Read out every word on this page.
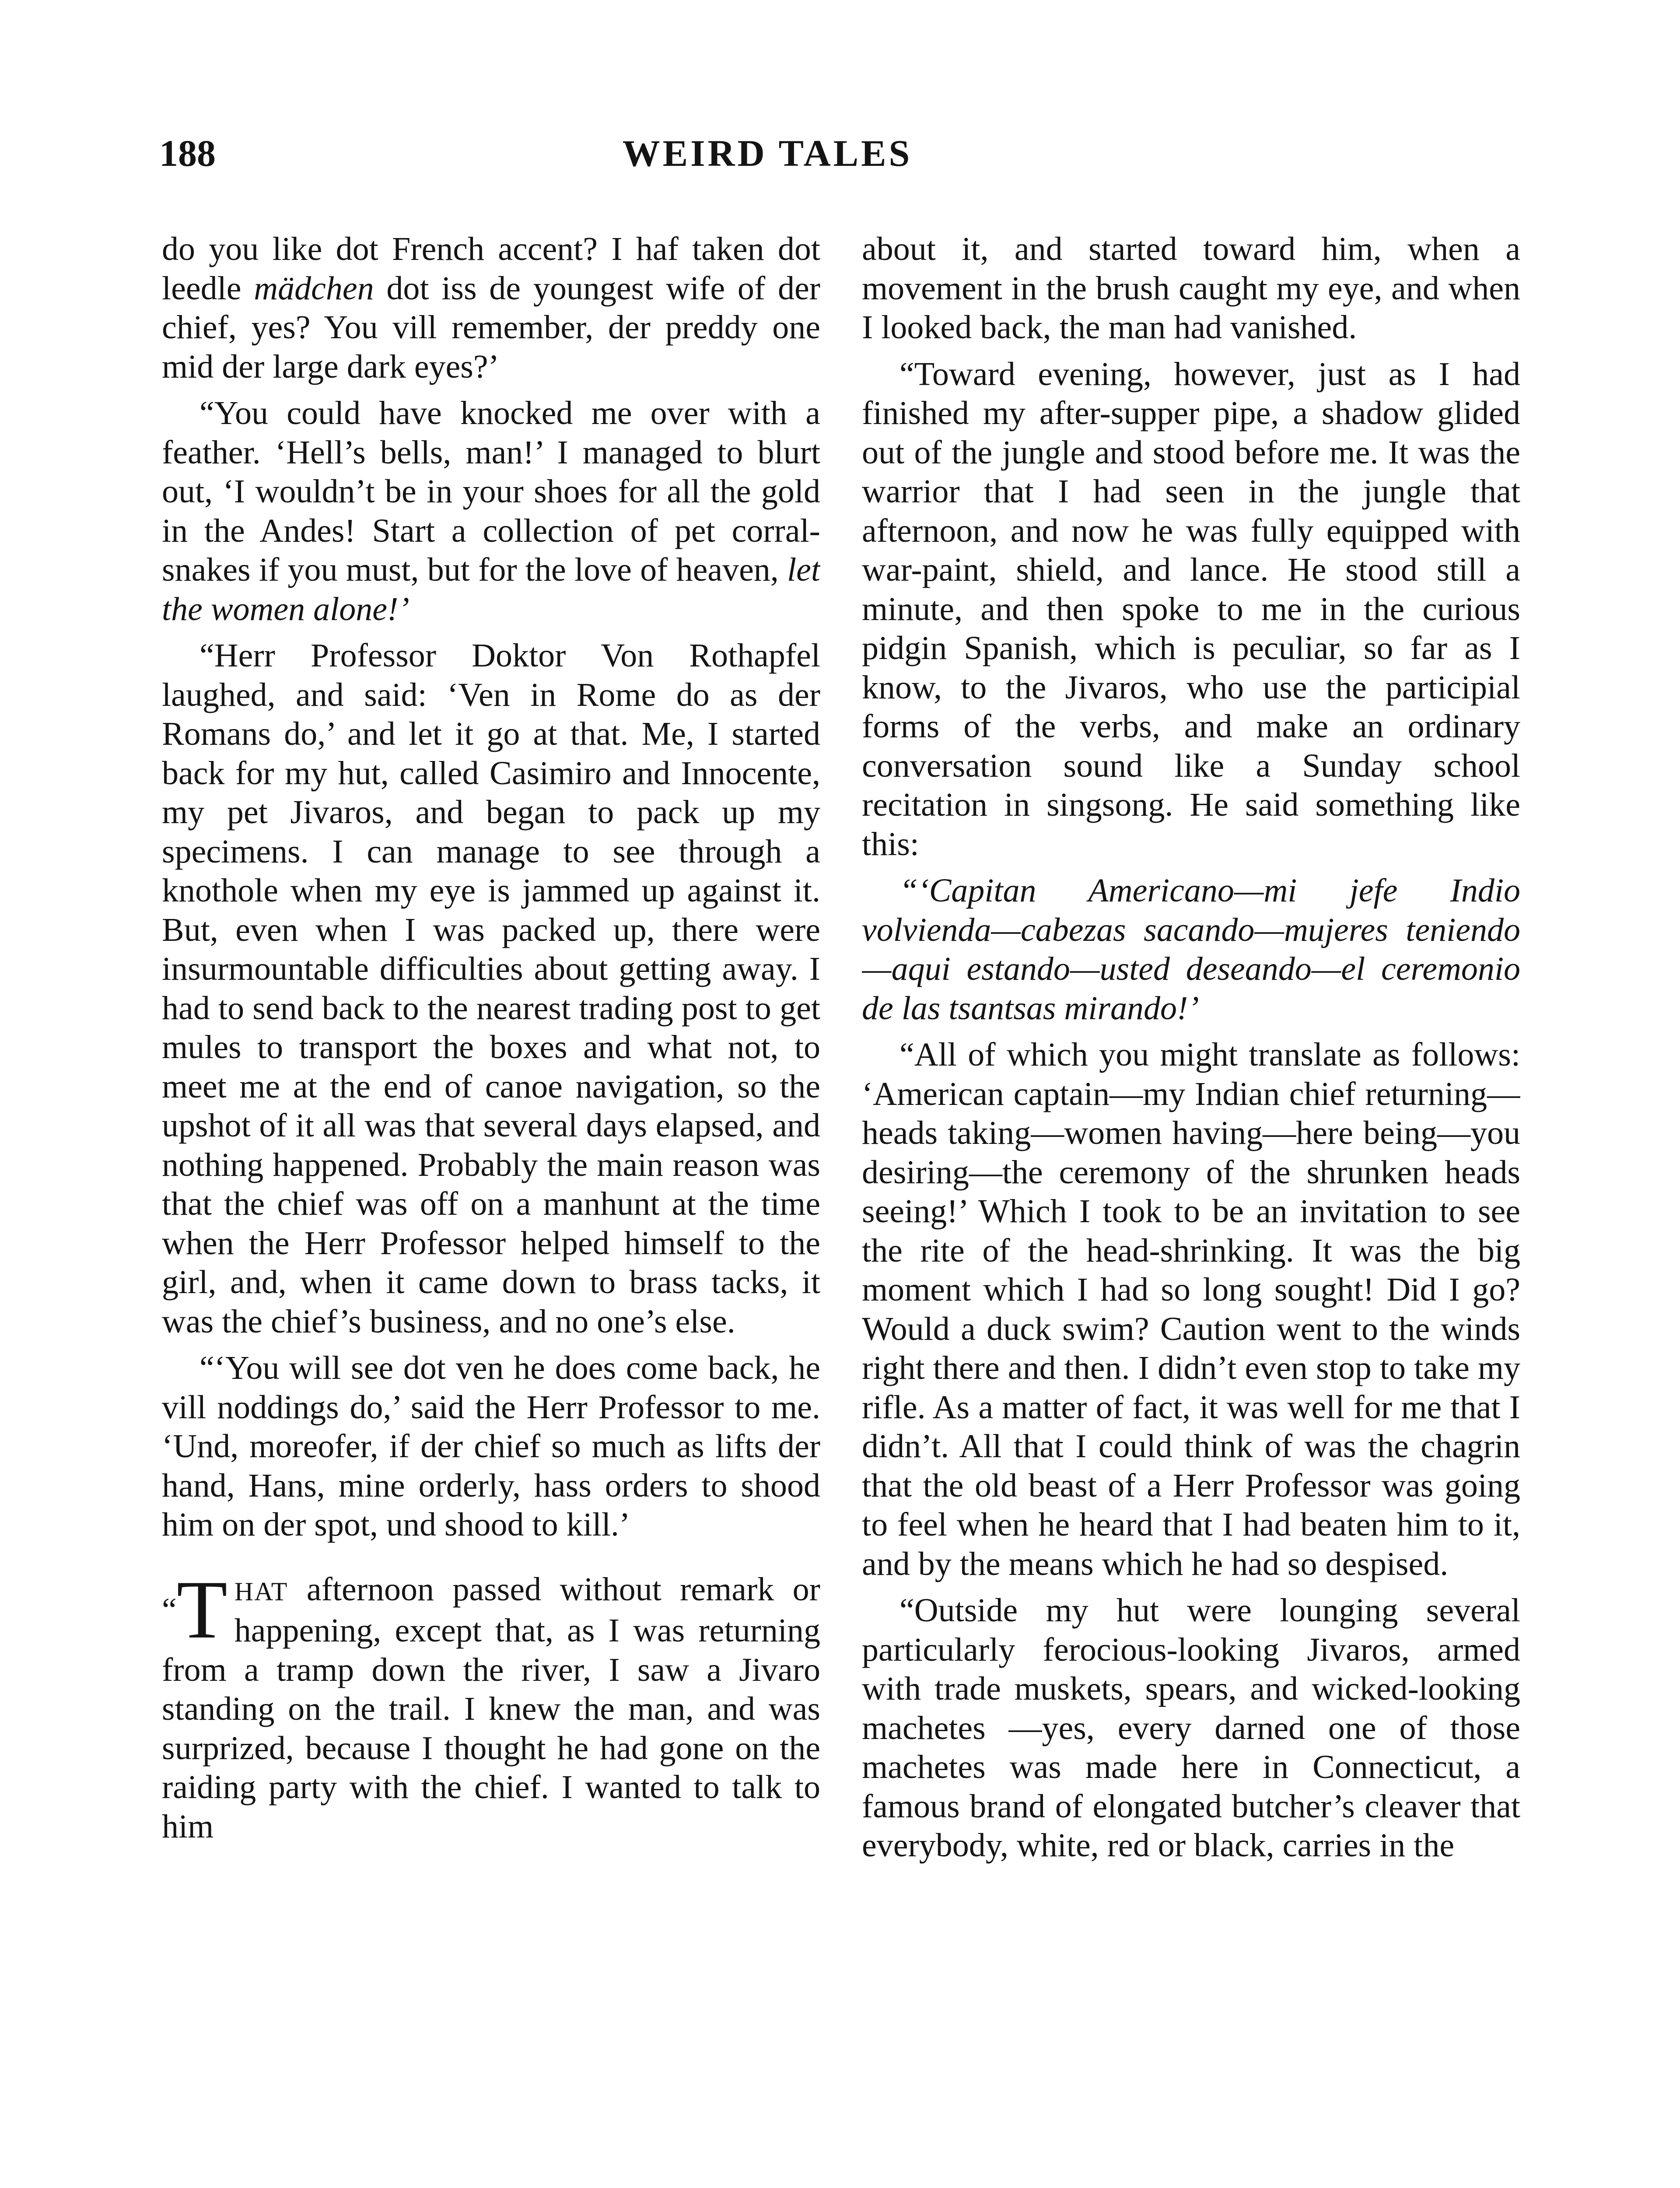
188	WEIRD TALES

do you like dot French accent? I haf taken dot leedle mädchen dot iss de youngest wife of der chief, yes? You vill remember, der preddy one mid der large dark eyes?’

“You could have knocked me over with a feather. ‘Hell’s bells, man!’ I managed to blurt out, ‘I wouldn’t be in your shoes for all the gold in the Andes! Start a collection of pet corral-snakes if you must, but for the love of heaven, let the women alone!’

“Herr Professor Doktor Von Rothapfel laughed, and said: ‘Ven in Rome do as der Romans do,’ and let it go at that. Me, I started back for my hut, called Casimiro and Innocente, my pet Jivaros, and began to pack up my specimens. I can manage to see through a knothole when my eye is jammed up against it. But, even when I was packed up, there were insurmountable difficulties about getting away. I had to send back to the nearest trading post to get mules to transport the boxes and what not, to meet me at the end of canoe navigation, so the upshot of it all was that several days elapsed, and nothing happened. Probably the main reason was that the chief was off on a manhunt at the time when the Herr Professor helped himself to the girl, and, when it came down to brass tacks, it was the chief’s business, and no one’s else.

“‘You will see dot ven he does come back, he vill noddings do,’ said the Herr Professor to me. ‘Und, moreofer, if der chief so much as lifts der hand, Hans, mine orderly, hass orders to shood him on der spot, und shood to kill.’

“T HAT afternoon passed without remark or happening, except that, as I was returning from a tramp down the river, I saw a Jivaro standing on the trail. I knew the man, and was surprized, because I thought he had gone on the raiding party with the chief. I wanted to talk to him

about it, and started toward him, when a movement in the brush caught my eye, and when I looked back, the man had vanished.

“Toward evening, however, just as I had finished my after-supper pipe, a shadow glided out of the jungle and stood before me. It was the warrior that I had seen in the jungle that afternoon, and now he was fully equipped with war-paint, shield, and lance. He stood still a minute, and then spoke to me in the curious pidgin Spanish, which is peculiar, so far as I know, to the Jivaros, who use the participial forms of the verbs, and make an ordinary conversation sound like a Sunday school recitation in singsong. He said something like this:

“‘Capitan Americano—mi jefe Indio volvienda—cabezas sacando—mujeres teniendo—aqui estando—usted deseando—el ceremonio de las tsantsas mirando!’

“All of which you might translate as follows: ‘American captain—my Indian chief returning—heads taking—women having—here being—you desiring—the ceremony of the shrunken heads seeing!’ Which I took to be an invitation to see the rite of the head-shrinking. It was the big moment which I had so long sought! Did I go? Would a duck swim? Caution went to the winds right there and then. I didn’t even stop to take my rifle. As a matter of fact, it was well for me that I didn’t. All that I could think of was the chagrin that the old beast of a Herr Professor was going to feel when he heard that I had beaten him to it, and by the means which he had so despised.

“Outside my hut were lounging several particularly ferocious-looking Jivaros, armed with trade muskets, spears, and wicked-looking machetes —yes, every darned one of those machetes was made here in Connecticut, a famous brand of elongated butcher’s cleaver that everybody, white, red or black, carries in the
